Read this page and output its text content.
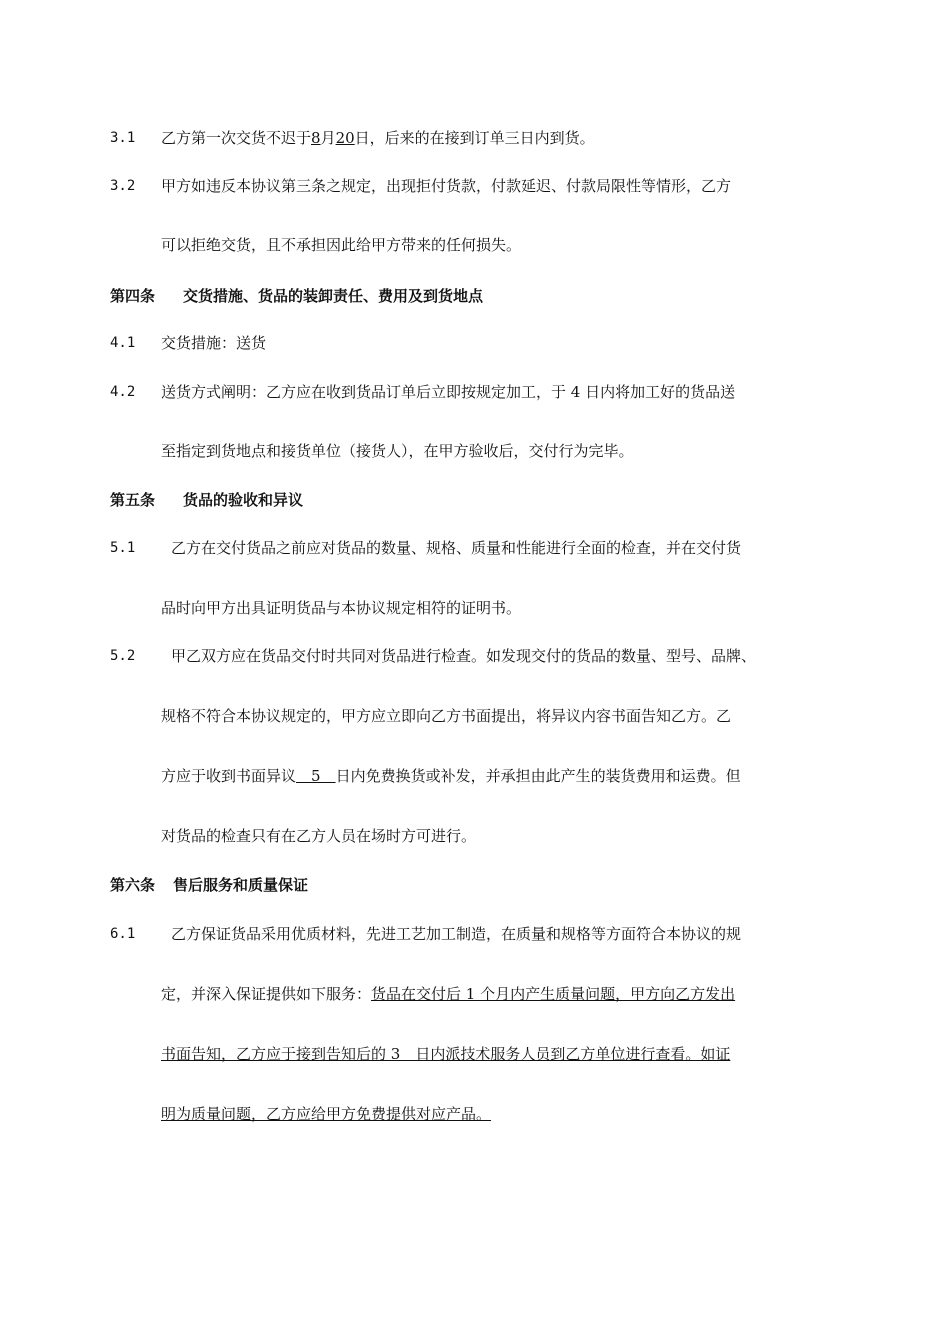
3.1 乙方第一次交货不迟于8月20日，后来的在接到订单三日内到货。
3.2 甲方如违反本协议第三条之规定，出现拒付货款，付款延迟、付款局限性等情形，乙方
可以拒绝交货，且不承担因此给甲方带来的任何损失。
第四条 交货措施、货品的装卸责任、费用及到货地点
4.1 交货措施：送货
4.2 送货方式阐明：乙方应在收到货品订单后立即按规定加工，于 4 日内将加工好的货品送
至指定到货地点和接货单位（接货人），在甲方验收后，交付行为完毕。
第五条 货品的验收和异议
5.1 乙方在交付货品之前应对货品的数量、规格、质量和性能进行全面的检查，并在交付货
品时向甲方出具证明货品与本协议规定相符的证明书。
5.2 甲乙双方应在货品交付时共同对货品进行检查。如发现交付的货品的数量、型号、品牌、
规格不符合本协议规定的，甲方应立即向乙方书面提出，将异议内容书面告知乙方。乙
方应于收到书面异议　5　日内免费换货或补发，并承担由此产生的装货费用和运费。但
对货品的检查只有在乙方人员在场时方可进行。
第六条 售后服务和质量保证
6.1 乙方保证货品采用优质材料，先进工艺加工制造，在质量和规格等方面符合本协议的规
定，并深入保证提供如下服务：货品在交付后 1 个月内产生质量问题，甲方向乙方发出
书面告知，乙方应于接到告知后的 3　日内派技术服务人员到乙方单位进行查看。如证
明为质量问题，乙方应给甲方免费提供对应产品。
